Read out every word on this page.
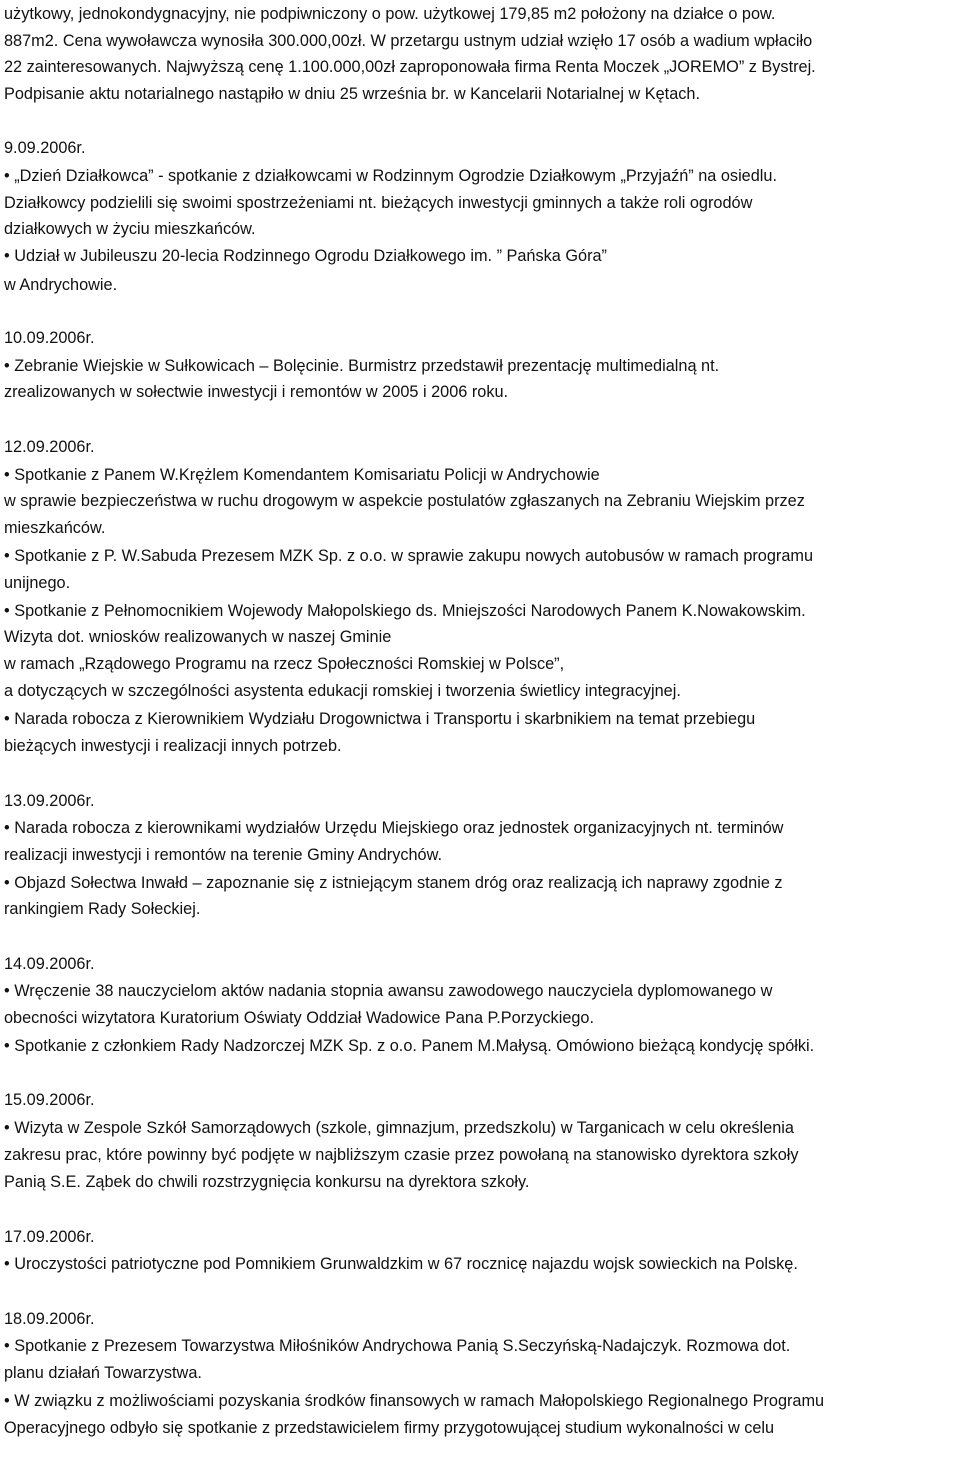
użytkowy, jednokondygnacyjny, nie podpiwniczony o pow. użytkowej 179,85 m2 położony na działce o pow.
887m2. Cena wywoławcza wynosiła 300.000,00zł. W przetargu ustnym udział wzięło 17 osób a wadium wpłaciło
22 zainteresowanych. Najwyższą cenę 1.100.000,00zł zaproponowała firma Renta Moczek „JOREMO” z Bystrej.
Podpisanie aktu notarialnego nastąpiło w dniu 25 września br. w Kancelarii Notarialnej w Kętach.
9.09.2006r.
• „Dzień Działkowca” - spotkanie z działkowcami w Rodzinnym Ogrodzie Działkowym „Przyjaźń” na osiedlu.
Działkowcy podzielili się swoimi spostrzeżeniami nt. bieżących inwestycji gminnych a także roli ogrodów
działkowych w życiu mieszkańców.
• Udział w Jubileuszu 20-lecia Rodzinnego Ogrodu Działkowego im. ” Pańska Góra”
w Andrychowie.
10.09.2006r.
• Zebranie Wiejskie w Sułkowicach – Bolęcinie. Burmistrz przedstawił prezentację multimedialną nt.
zrealizowanych w sołectwie inwestycji i remontów w 2005 i 2006 roku.
12.09.2006r.
• Spotkanie z Panem W.Krężlem Komendantem Komisariatu Policji w Andrychowie
w sprawie bezpieczeństwa w ruchu drogowym w aspekcie postulatów zgłaszanych na Zebraniu Wiejskim przez
mieszkańców.
• Spotkanie z P. W.Sabuda Prezesem MZK Sp. z o.o. w sprawie zakupu nowych autobusów w ramach programu
unijnego.
• Spotkanie z Pełnomocnikiem Wojewody Małopolskiego ds. Mniejszości Narodowych Panem K.Nowakowskim.
Wizyta dot. wniosków realizowanych w naszej Gminie
w ramach „Rządowego Programu na rzecz Społeczności Romskiej w Polsce”,
a dotyczących w szczególności asystenta edukacji romskiej i tworzenia świetlicy integracyjnej.
• Narada robocza z Kierownikiem Wydziału Drogownictwa i Transportu i skarbnikiem na temat przebiegu
bieżących inwestycji i realizacji innych potrzeb.
13.09.2006r.
• Narada robocza z kierownikami wydziałów Urzędu Miejskiego oraz jednostek organizacyjnych nt. terminów
realizacji inwestycji i remontów na terenie Gminy Andrychów.
• Objazd Sołectwa Inwałd – zapoznanie się z istniejącym stanem dróg oraz realizacją ich naprawy zgodnie z
rankingiem Rady Sołeckiej.
14.09.2006r.
• Wręczenie 38 nauczycielom aktów nadania stopnia awansu zawodowego nauczyciela dyplomowanego w
obecności wizytatora Kuratorium Oświaty Oddział Wadowice Pana P.Porzyckiego.
• Spotkanie z członkiem Rady Nadzorczej MZK Sp. z o.o. Panem M.Małysą. Omówiono bieżącą kondycję spółki.
15.09.2006r.
• Wizyta w Zespole Szkół Samorządowych (szkole, gimnazjum, przedszkolu) w Targanicach w celu określenia
zakresu prac, które powinny być podjęte w najbliższym czasie przez powołaną na stanowisko dyrektora szkoły
Panią S.E. Ząbek do chwili rozstrzygnięcia konkursu na dyrektora szkoły.
17.09.2006r.
• Uroczystości patriotyczne pod Pomnikiem Grunwaldzkim w 67 rocznicę najazdu wojsk sowieckich na Polskę.
18.09.2006r.
• Spotkanie z Prezesem Towarzystwa Miłośników Andrychowa Panią S.Seczyńską-Nadajczyk. Rozmowa dot.
planu działań Towarzystwa.
• W związku z możliwościami pozyskania środków finansowych w ramach Małopolskiego Regionalnego Programu
Operacyjnego odbyło się spotkanie z przedstawicielem firmy przygotowującej studium wykonalności w celu
